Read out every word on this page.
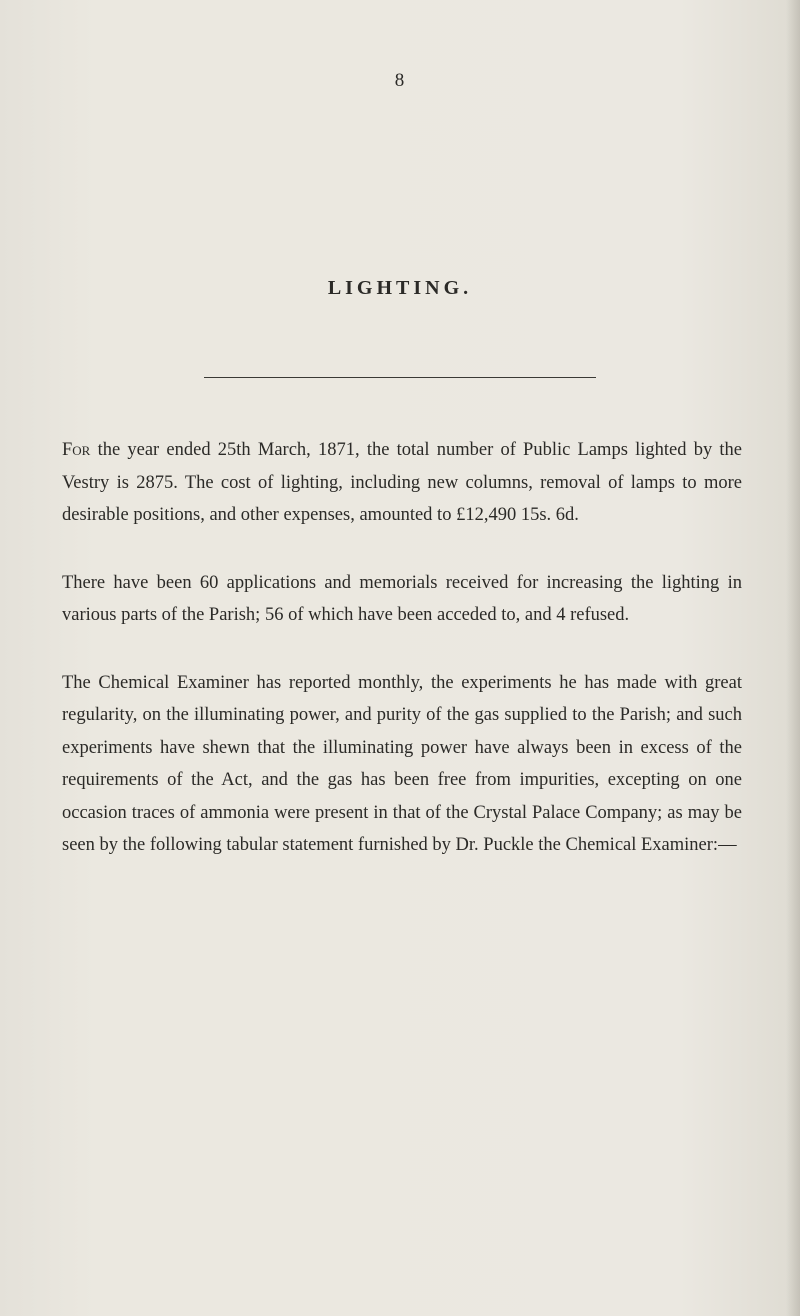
8
LIGHTING.

For the year ended 25th March, 1871, the total number of Public Lamps lighted by the Vestry is 2875. The cost of lighting, including new columns, removal of lamps to more desirable positions, and other expenses, amounted to £12,490 15s. 6d.

There have been 60 applications and memorials received for increasing the lighting in various parts of the Parish; 56 of which have been acceded to, and 4 refused.

The Chemical Examiner has reported monthly, the experiments he has made with great regularity, on the illuminating power, and purity of the gas supplied to the Parish; and such experiments have shewn that the illuminating power have always been in excess of the requirements of the Act, and the gas has been free from impurities, excepting on one occasion traces of ammonia were present in that of the Crystal Palace Company; as may be seen by the following tabular statement furnished by Dr. Puckle the Chemical Examiner:—
